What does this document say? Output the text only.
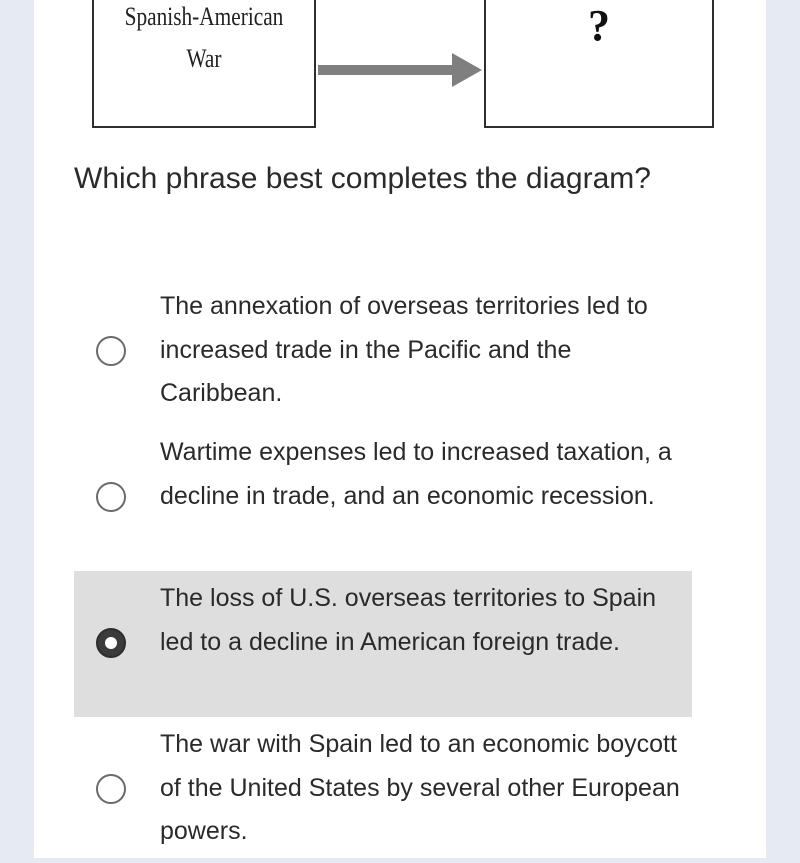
Spanish-American
War
?
Which phrase best completes the diagram?
The annexation of overseas territories led to increased trade in the Pacific and the Caribbean.
Wartime expenses led to increased taxation, a decline in trade, and an economic recession.
The loss of U.S. overseas territories to Spain led to a decline in American foreign trade.
The war with Spain led to an economic boycott of the United States by several other European powers.
